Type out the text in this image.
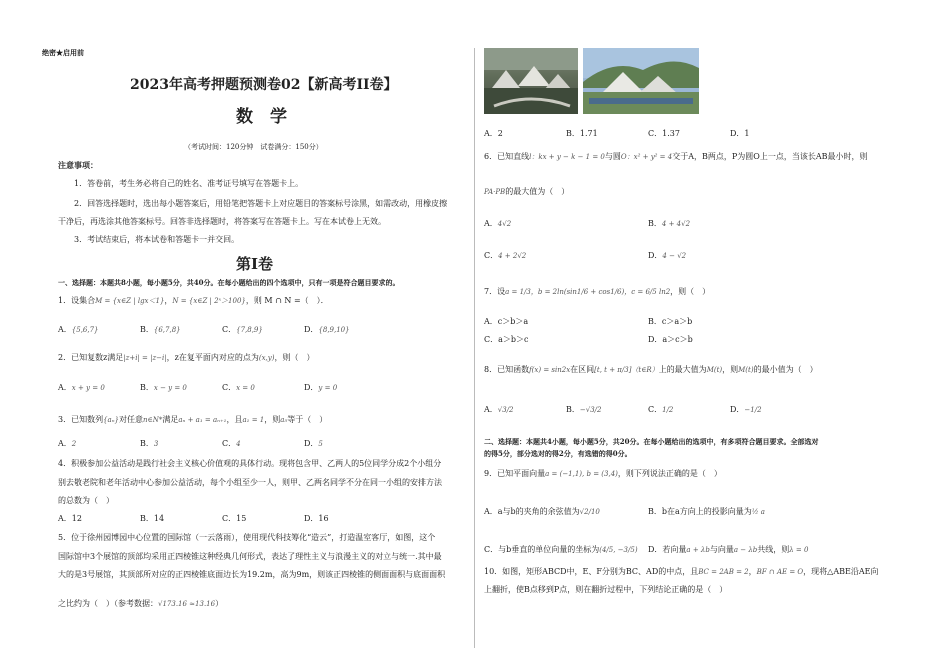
绝密★启用前
2023年高考押题预测卷02【新高考II卷】
数　学
（考试时间：120分钟　试卷满分：150分）
注意事项：
1．答卷前，考生务必将自己的姓名、准考证号填写在答题卡上。
2．回答选择题时，选出每小题答案后，用铅笔把答题卡上对应题目的答案标号涂黑，如需改动，用橡皮擦
干净后，再选涂其他答案标号。回答非选择题时，将答案写在答题卡上。写在本试卷上无效。
3．考试结束后，将本试卷和答题卡一并交回。
第Ⅰ卷
一、选择题：本题共8小题，每小题5分，共40分。在每小题给出的四个选项中，只有一项是符合题目要求的。
1．设集合M = {x∈Z | lgx＜1}，N = {x∈Z | 2ˣ＞100}，则 M ∩ N =（　）．
A．{5,6,7}	B．{6,7,8}	C．{7,8,9}	D．{8,9,10}
2．已知复数z满足|z+i| = |z−i|，z在复平面内对应的点为(x,y)，则（　）
A．x + y = 0	B．x − y = 0	C．x = 0	D．y = 0
3．已知数列{aₙ}对任意n∈N*满足aₙ + a₁ = aₙ₊₁，且a₁ = 1，则a₅等于（　）
A．2	B．3	C．4	D．5
4．积极参加公益活动是践行社会主义核心价值观的具体行动。现将包含甲、乙两人的5位同学分成2个小组分
别去敬老院和老年活动中心参加公益活动，每个小组至少一人，则甲、乙两名同学不分在同一小组的安排方法
的总数为（　）
A．12	B．14	C．15	D．16
5．位于徐州园博园中心位置的国际馆（一云落雨），使用现代科技筹化“造云”，打造温室客厅，如图，这个
国际馆中3个展馆的顶部均采用正四棱锥这种经典几何形式，表达了理性主义与浪漫主义的对立与统一.其中最
大的是3号展馆，其顶部所对应的正四棱锥底面边长为19.2m，高为9m，则该正四棱锥的侧面面积与底面面积
之比约为（　）（参考数据：√173.16 ≈13.16）
A．2	B．1.71	C．1.37	D．1
6．已知直线l：kx + y − k − 1 = 0与圆O：x² + y² = 4交于A，B两点，P为圆O上一点，当该长AB最小时，则
PA·PB的最大值为（　）
A．4√2	B．4 + 4√2
C．4 + 2√2	D．4 − √2
7．设a = 1/3，b = 2ln(sin1/6 + cos1/6)，c = 6/5 ln2，则（　）
A．c＞b＞a	B．c＞a＞b
C．a＞b＞c	D．a＞c＞b
8．已知函数f(x) = sin2x在区间[t, t + π/3]（t∈R）上的最大值为M(t)，则M(t)的最小值为（　）
A．√3/2	B．−√3/2	C．1/2	D．−1/2
二、选择题：本题共4小题，每小题5分，共20分。在每小题给出的选项中，有多项符合题目要求。全部选对
的得5分，部分选对的得2分，有选错的得0分。
9．已知平面向量a = (−1,1), b = (3,4)，则下列说法正确的是（　）
A．a与b的夹角的余弦值为√2/10	B．b在a方向上的投影向量为½ a
C．与b垂直的单位向量的坐标为(4/5, −3/5) D．若向量a + λb与向量a − λb共线，则λ = 0
10．如图，矩形ABCD中，E、F分别为BC、AD的中点，且BC = 2AB = 2，BF ∩ AE = O，现将△ABE沿AE向
上翻折，使B点移到P点，则在翻折过程中，下列结论正确的是（　）
